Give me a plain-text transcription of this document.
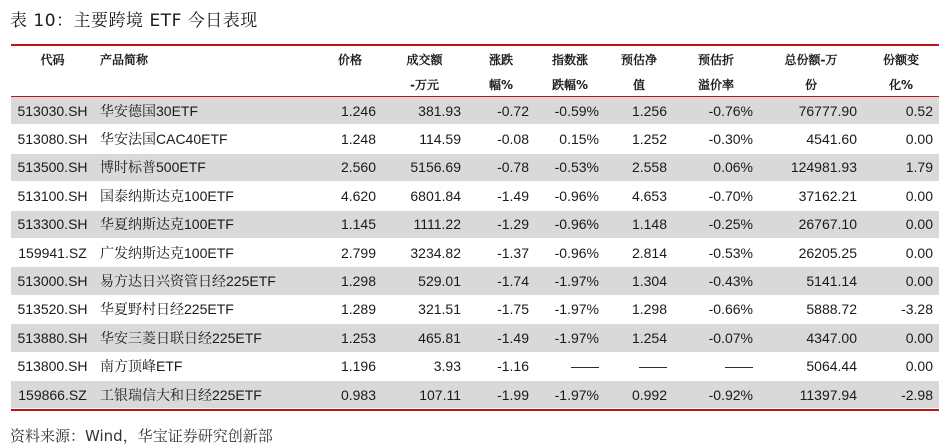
表 10：主要跨境 ETF 今日表现
代码	产品简称	价格	成交额	涨跌	指数涨	预估净	预估折	总份额-万	份额变
			-万元	幅%	跌幅%	值	溢价率	份	化%
513030.SH	华安德国30ETF	1.246	381.93	-0.72	-0.59%	1.256	-0.76%	76777.90	0.52
513080.SH	华安法国CAC40ETF	1.248	114.59	-0.08	0.15%	1.252	-0.30%	4541.60	0.00
513500.SH	博时标普500ETF	2.560	5156.69	-0.78	-0.53%	2.558	0.06%	124981.93	1.79
513100.SH	国泰纳斯达克100ETF	4.620	6801.84	-1.49	-0.96%	4.653	-0.70%	37162.21	0.00
513300.SH	华夏纳斯达克100ETF	1.145	1111.22	-1.29	-0.96%	1.148	-0.25%	26767.10	0.00
159941.SZ	广发纳斯达克100ETF	2.799	3234.82	-1.37	-0.96%	2.814	-0.53%	26205.25	0.00
513000.SH	易方达日兴资管日经225ETF	1.298	529.01	-1.74	-1.97%	1.304	-0.43%	5141.14	0.00
513520.SH	华夏野村日经225ETF	1.289	321.51	-1.75	-1.97%	1.298	-0.66%	5888.72	-3.28
513880.SH	华安三菱日联日经225ETF	1.253	465.81	-1.49	-1.97%	1.254	-0.07%	4347.00	0.00
513800.SH	南方顶峰ETF	1.196	3.93	-1.16	——	——	——	5064.44	0.00
159866.SZ	工银瑞信大和日经225ETF	0.983	107.11	-1.99	-1.97%	0.992	-0.92%	11397.94	-2.98
资料来源：Wind，华宝证券研究创新部
